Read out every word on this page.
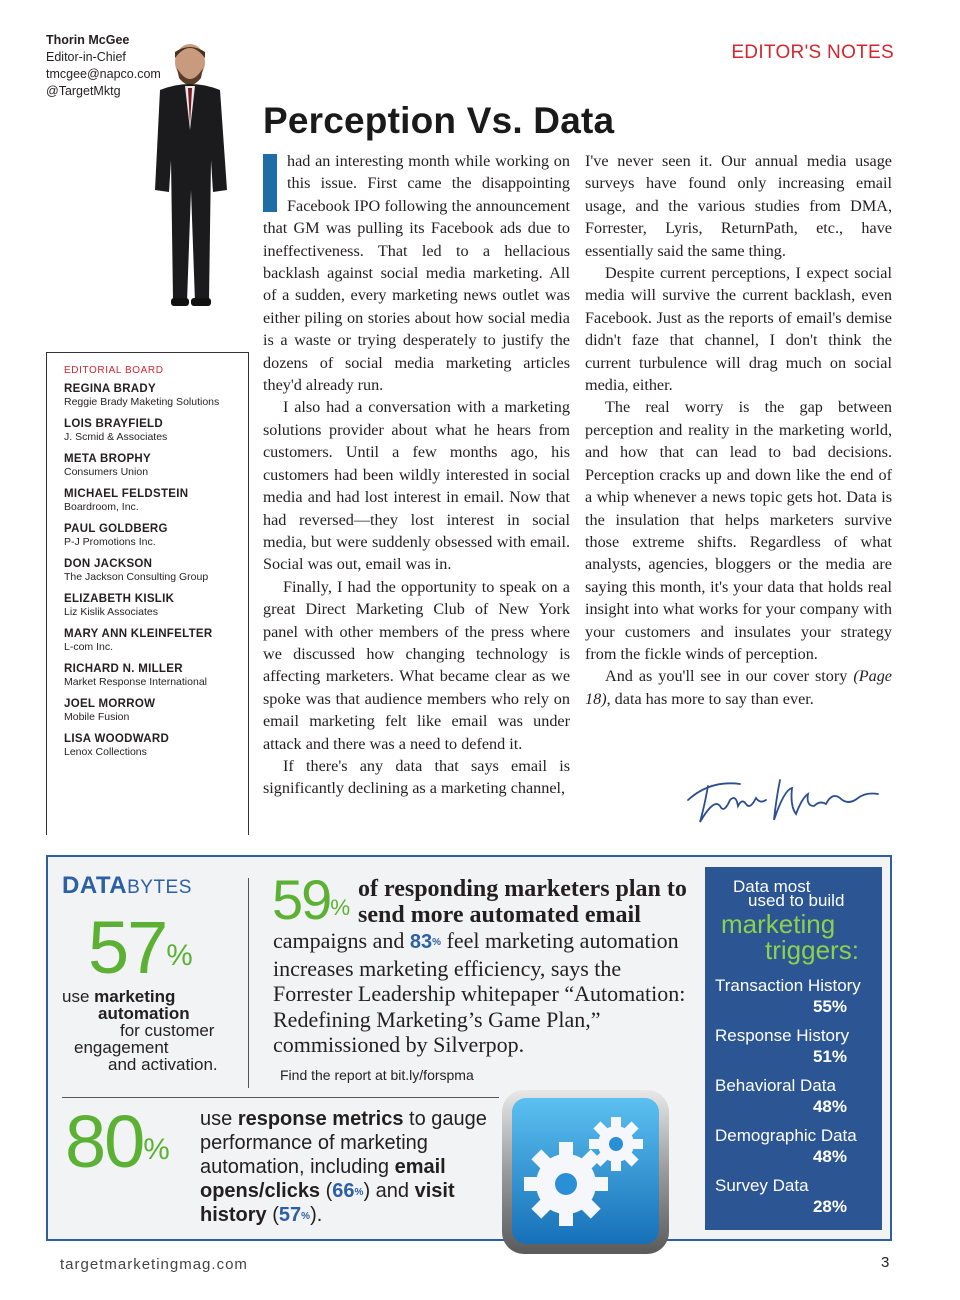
Thorin McGee
Editor-in-Chief
tmcgee@napco.com
@TargetMktg
EDITOR'S NOTES
EDITORIAL BOARD
REGINA BRADY
Reggie Brady Maketing Solutions
LOIS BRAYFIELD
J. Scmid & Associates
META BROPHY
Consumers Union
MICHAEL FELDSTEIN
Boardroom, Inc.
PAUL GOLDBERG
P-J Promotions Inc.
DON JACKSON
The Jackson Consulting Group
ELIZABETH KISLIK
Liz Kislik Associates
MARY ANN KLEINFELTER
L-com Inc.
RICHARD N. MILLER
Market Response International
JOEL MORROW
Mobile Fusion
LISA WOODWARD
Lenox Collections
Perception Vs. Data

had an interesting month while working on this issue. First came the disappointing Facebook IPO following the announcement that GM was pulling its Facebook ads due to ineffectiveness. That led to a hellacious backlash against social media marketing. All of a sudden, every marketing news outlet was either piling on stories about how social media is a waste or trying desperately to justify the dozens of social media marketing articles they'd already run.

I also had a conversation with a marketing solutions provider about what he hears from customers. Until a few months ago, his customers had been wildly interested in social media and had lost interest in email. Now that had reversed—they lost interest in social media, but were suddenly obsessed with email. Social was out, email was in.

Finally, I had the opportunity to speak on a great Direct Marketing Club of New York panel with other members of the press where we discussed how changing technology is affecting marketers. What became clear as we spoke was that audience members who rely on email marketing felt like email was under attack and there was a need to defend it.

If there's any data that says email is significantly declining as a marketing channel,

I've never seen it. Our annual media usage surveys have found only increasing email usage, and the various studies from DMA, Forrester, Lyris, ReturnPath, etc., have essentially said the same thing.

Despite current perceptions, I expect social media will survive the current backlash, even Facebook. Just as the reports of email's demise didn't faze that channel, I don't think the current turbulence will drag much on social media, either.

The real worry is the gap between perception and reality in the marketing world, and how that can lead to bad decisions. Perception cracks up and down like the end of a whip whenever a news topic gets hot. Data is the insulation that helps marketers survive those extreme shifts. Regardless of what analysts, agencies, bloggers or the media are saying this month, it's your data that holds real insight into what works for your company with your customers and insulates your strategy from the fickle winds of perception.

And as you'll see in our cover story (Page 18), data has more to say than ever.

DATABYTES
57%
use marketing
automation
for customer
engagement
and activation.
59%
of responding marketers plan to send more automated email
campaigns and 83% feel marketing automation increases marketing efficiency, says the Forrester Leadership whitepaper “Automation: Redefining Marketing’s Game Plan,” commissioned by Silverpop.
Find the report at bit.ly/forspma
80%
use response metrics to gauge performance of marketing automation, including email opens/clicks (66%) and visit history (57%).
Data most
used to build
marketing
triggers:
Transaction History
55%
Response History
51%
Behavioral Data
48%
Demographic Data
48%
Survey Data
28%
targetmarketingmag.com	3
